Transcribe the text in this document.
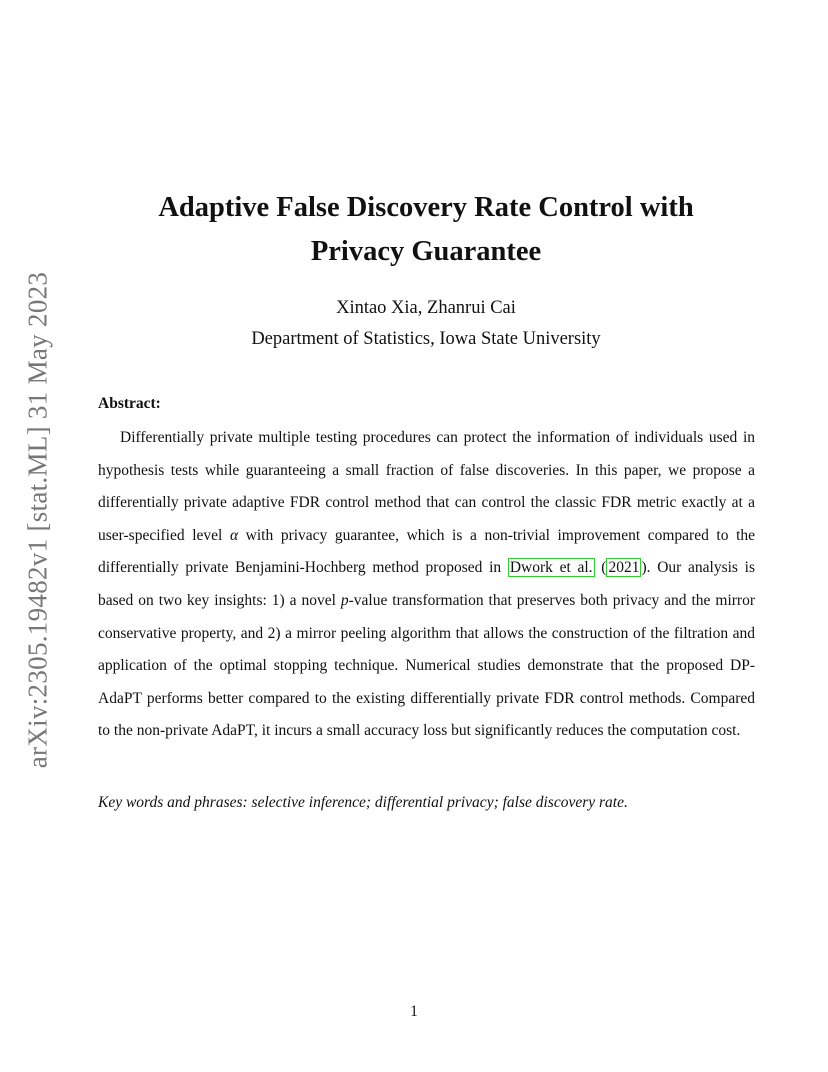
arXiv:2305.19482v1 [stat.ML] 31 May 2023
Adaptive False Discovery Rate Control with
Privacy Guarantee
Xintao Xia, Zhanrui Cai
Department of Statistics, Iowa State University
Abstract:

Differentially private multiple testing procedures can protect the information of individuals used in hypothesis tests while guaranteeing a small fraction of false discoveries. In this paper, we propose a differentially private adaptive FDR control method that can control the classic FDR metric exactly at a user-specified level α with privacy guarantee, which is a non-trivial improvement compared to the differentially private Benjamini-Hochberg method proposed in Dwork et al. ( 2021 ). Our analysis is based on two key insights: 1) a novel p-value transformation that preserves both privacy and the mirror conservative property, and 2) a mirror peeling algorithm that allows the construction of the filtration and application of the optimal stopping technique. Numerical studies demonstrate that the proposed DP-AdaPT performs better compared to the existing differentially private FDR control methods. Compared to the non-private AdaPT, it incurs a small accuracy loss but significantly reduces the computation cost.

Key words and phrases: selective inference; differential privacy; false discovery rate.
1
